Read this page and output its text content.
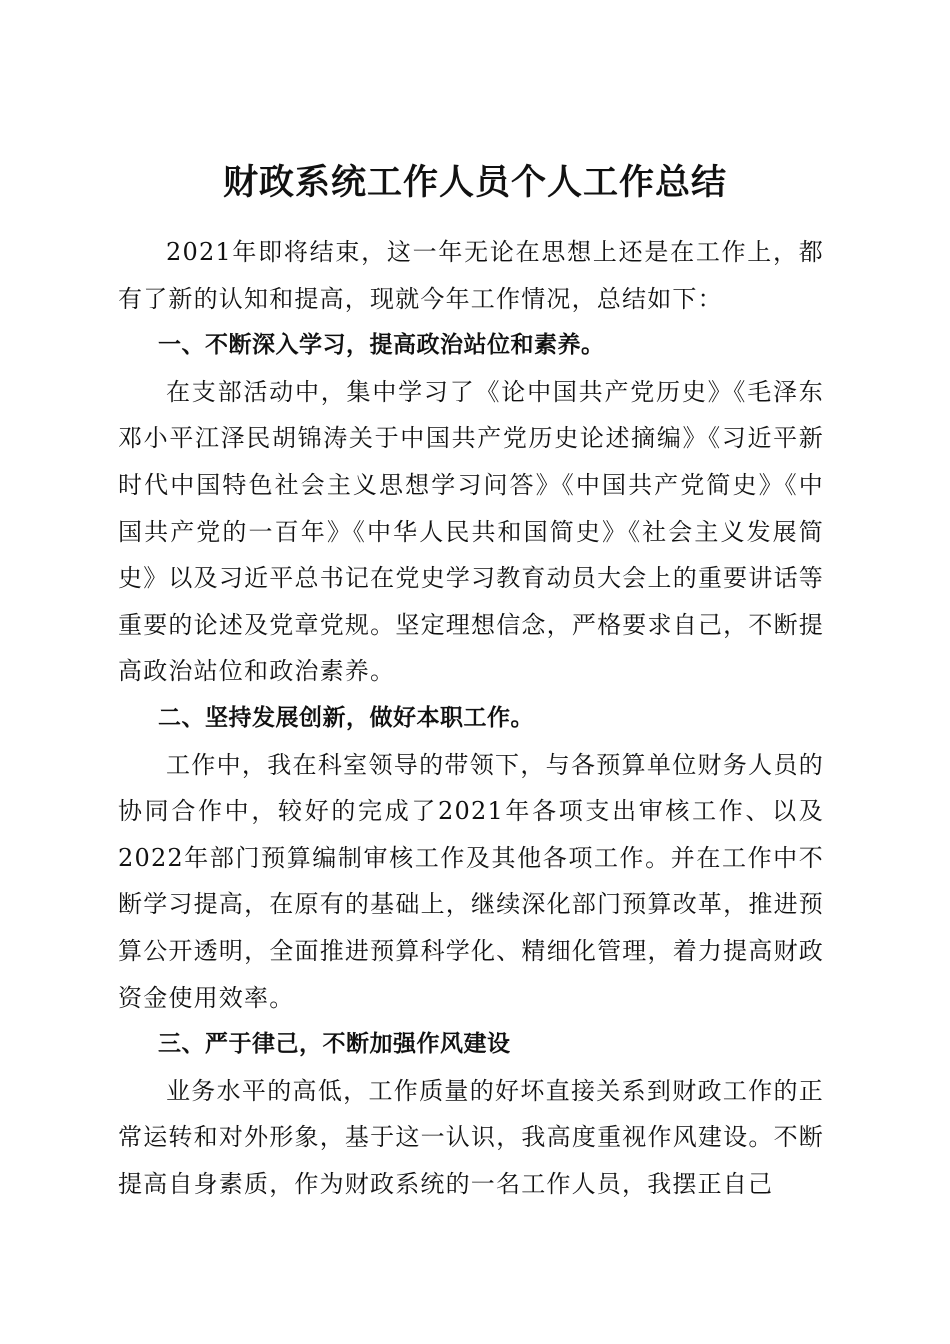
财政系统工作人员个人工作总结

2021年即将结束，这一年无论在思想上还是在工作上，都有了新的认知和提高，现就今年工作情况，总结如下：

一、不断深入学习，提高政治站位和素养。

在支部活动中，集中学习了《论中国共产党历史》《毛泽东邓小平江泽民胡锦涛关于中国共产党历史论述摘编》《习近平新时代中国特色社会主义思想学习问答》《中国共产党简史》《中国共产党的一百年》《中华人民共和国简史》《社会主义发展简史》以及习近平总书记在党史学习教育动员大会上的重要讲话等重要的论述及党章党规。坚定理想信念，严格要求自己，不断提高政治站位和政治素养。

二、坚持发展创新，做好本职工作。

工作中，我在科室领导的带领下，与各预算单位财务人员的协同合作中，较好的完成了2021年各项支出审核工作、以及2022年部门预算编制审核工作及其他各项工作。并在工作中不断学习提高，在原有的基础上，继续深化部门预算改革，推进预算公开透明，全面推进预算科学化、精细化管理，着力提高财政资金使用效率。

三、严于律己，不断加强作风建设

业务水平的高低，工作质量的好坏直接关系到财政工作的正常运转和对外形象，基于这一认识，我高度重视作风建设。不断提高自身素质，作为财政系统的一名工作人员，我摆正自己
